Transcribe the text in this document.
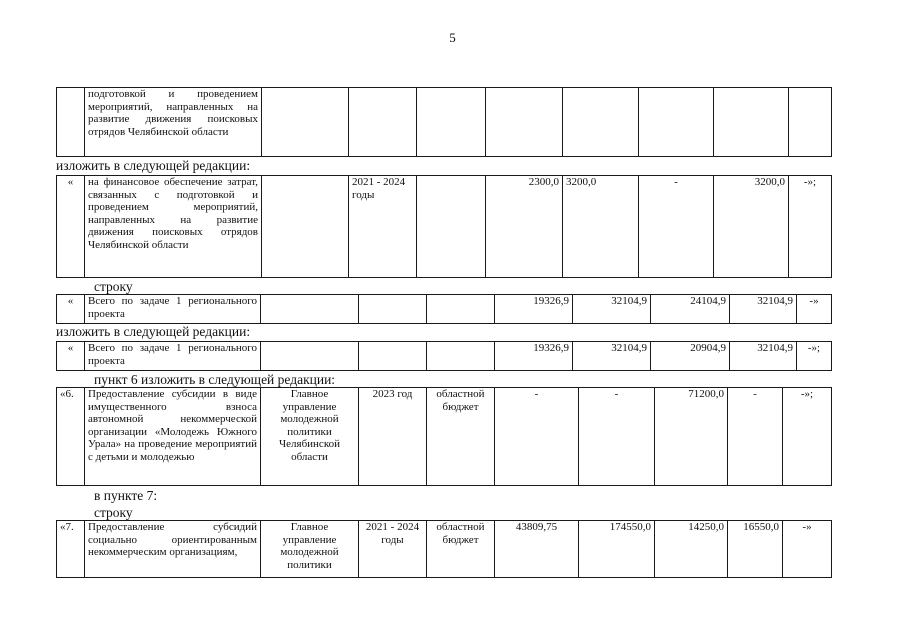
5
	подготовкой и проведением мероприятий, направленных на развитие движения поисковых отрядов Челябинской области								
изложить в следующей редакции:
«	на финансовое обеспечение затрат, связанных с подготовкой и проведением мероприятий, направленных на развитие движения поисковых отрядов Челябинской области		2021 - 2024 годы		2300,0	3200,0	-	3200,0	-»;
строку
«	Всего по задаче 1 регионального проекта				19326,9	32104,9	24104,9	32104,9	-»
изложить в следующей редакции:
«	Всего по задаче 1 регионального проекта				19326,9	32104,9	20904,9	32104,9	-»;
пункт 6 изложить в следующей редакции:
«6.	Предоставление субсидии в виде имущественного взноса автономной некоммерческой организации «Молодежь Южного Урала» на проведение мероприятий с детьми и молодежью	Главное управление молодежной политики Челябинской области	2023 год	областной бюджет	-	-	71200,0	-	-»;
в пункте 7:
строку
«7.	Предоставление субсидий социально ориентированным некоммерческим организациям,	Главное управление молодежной политики	2021 - 2024 годы	областной бюджет	43809,75	174550,0	14250,0	16550,0	-»
